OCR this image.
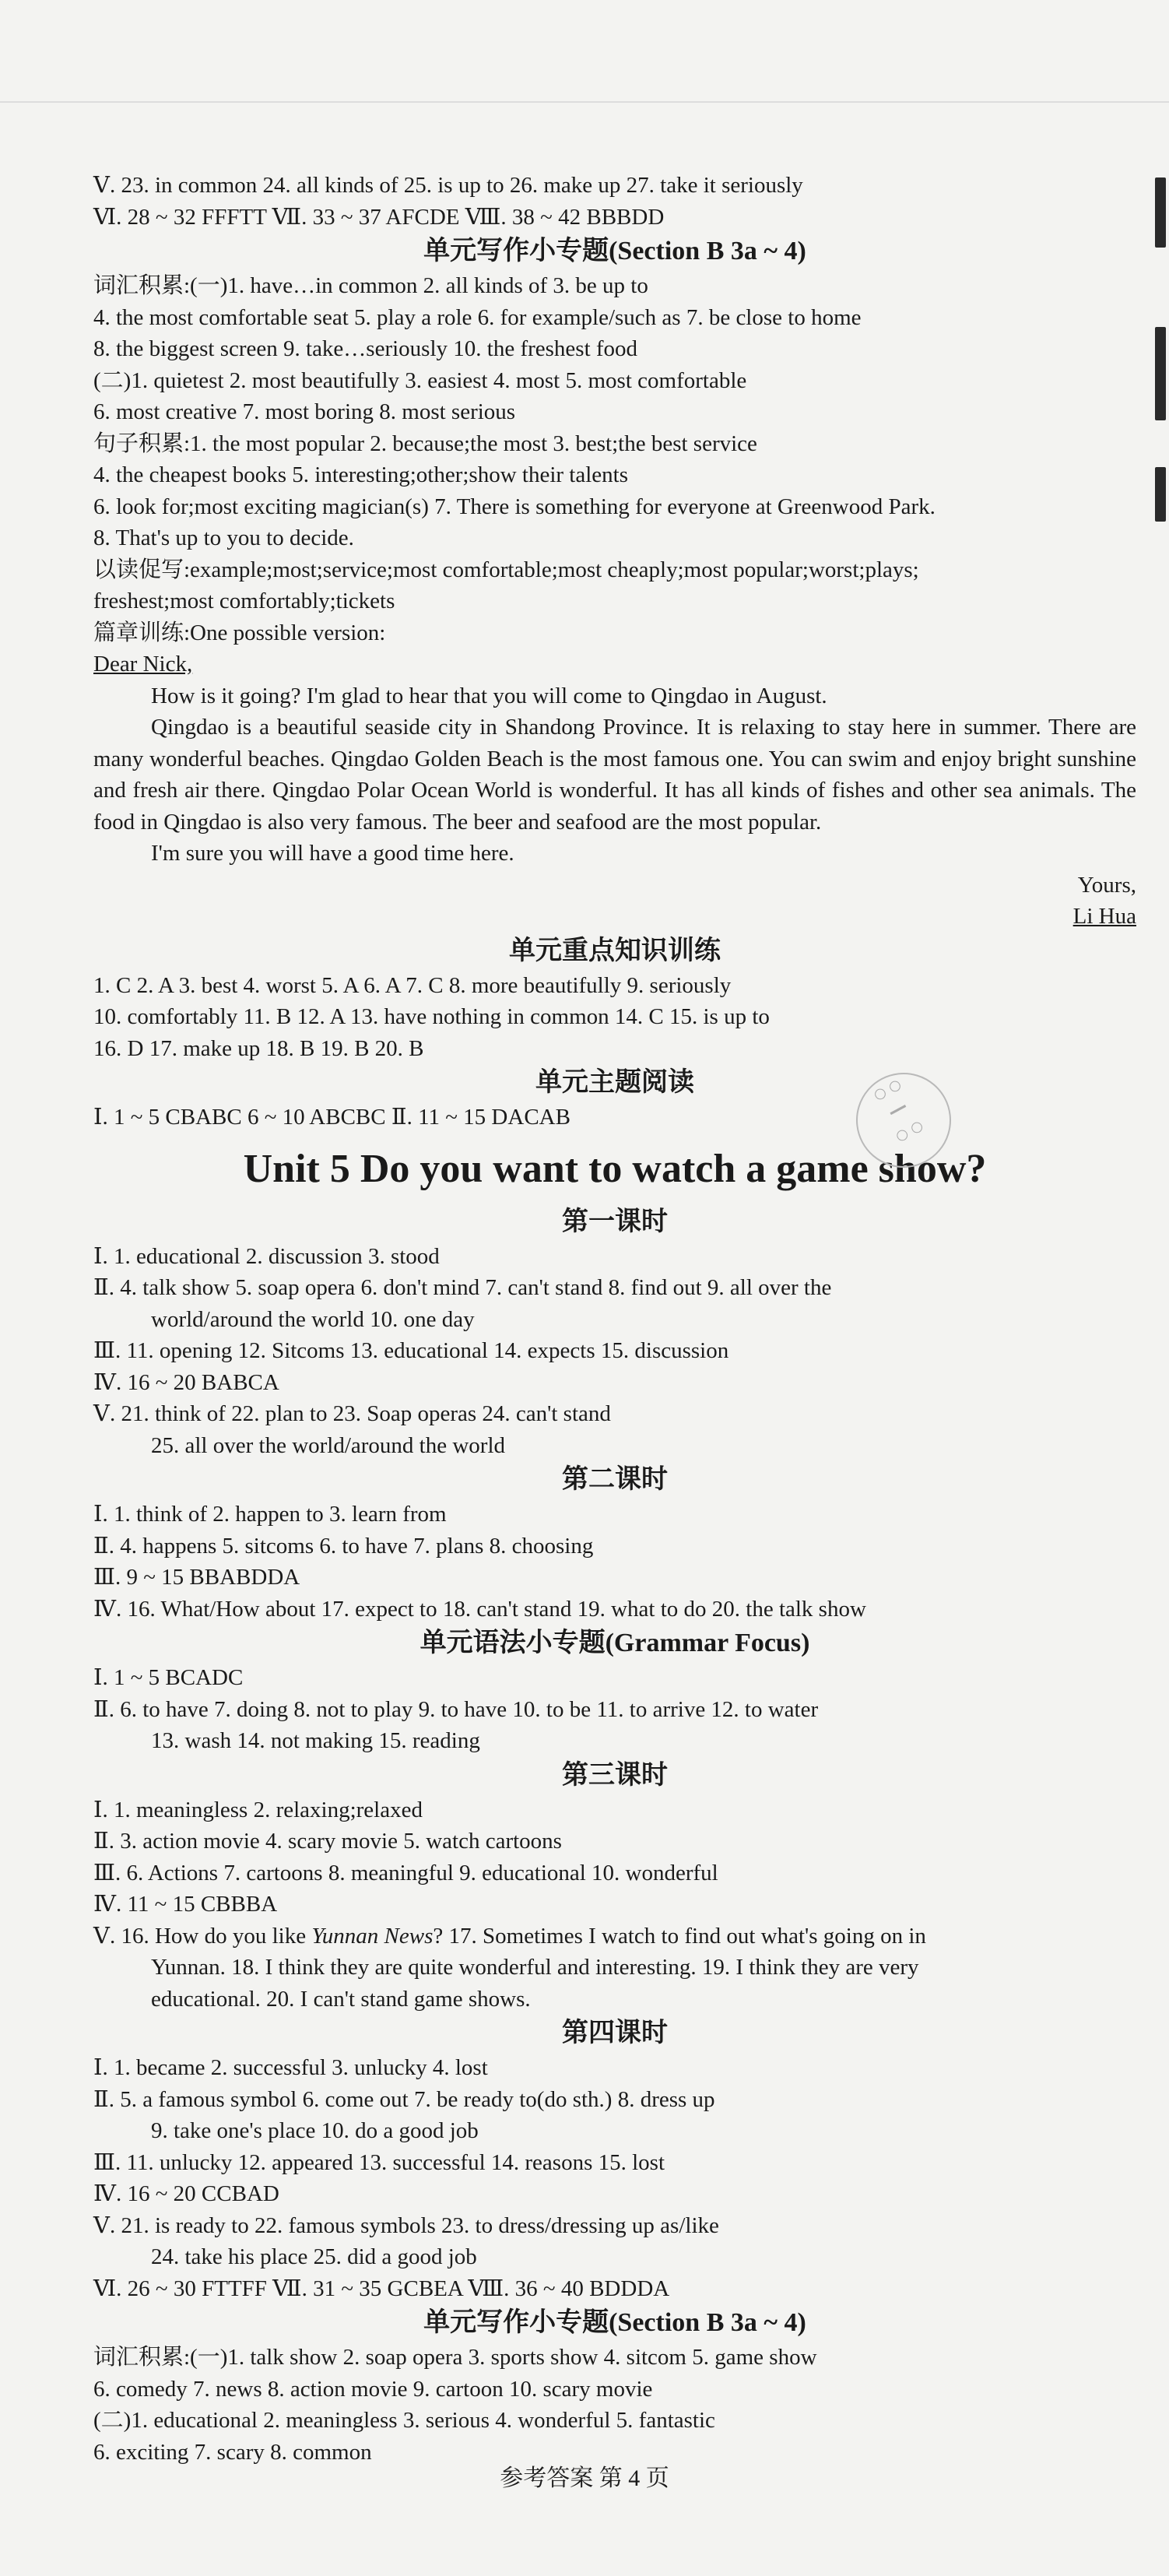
Ⅴ. 23. in common 24. all kinds of 25. is up to 26. make up 27. take it seriously
Ⅵ. 28 ~ 32 FFFTT Ⅶ. 33 ~ 37 AFCDE Ⅷ. 38 ~ 42 BBBDD
单元写作小专题(Section B 3a ~ 4)
词汇积累:(一)1. have…in common 2. all kinds of 3. be up to
4. the most comfortable seat 5. play a role 6. for example/such as 7. be close to home
8. the biggest screen 9. take…seriously 10. the freshest food
(二)1. quietest 2. most beautifully 3. easiest 4. most 5. most comfortable
6. most creative 7. most boring 8. most serious
句子积累:1. the most popular 2. because;the most 3. best;the best service
4. the cheapest books 5. interesting;other;show their talents
6. look for;most exciting magician(s) 7. There is something for everyone at Greenwood Park.
8. That's up to you to decide.
以读促写:example;most;service;most comfortable;most cheaply;most popular;worst;plays;
freshest;most comfortably;tickets
篇章训练:One possible version:
Dear Nick,
How is it going? I'm glad to hear that you will come to Qingdao in August.
Qingdao is a beautiful seaside city in Shandong Province. It is relaxing to stay here in summer. There are many wonderful beaches. Qingdao Golden Beach is the most famous one. You can swim and enjoy bright sunshine and fresh air there. Qingdao Polar Ocean World is wonderful. It has all kinds of fishes and other sea animals. The food in Qingdao is also very famous. The beer and seafood are the most popular.
I'm sure you will have a good time here.
Yours,
Li Hua
单元重点知识训练
1. C 2. A 3. best 4. worst 5. A 6. A 7. C 8. more beautifully 9. seriously
10. comfortably 11. B 12. A 13. have nothing in common 14. C 15. is up to
16. D 17. make up 18. B 19. B 20. B
单元主题阅读
Ⅰ. 1 ~ 5 CBABC 6 ~ 10 ABCBC Ⅱ. 11 ~ 15 DACAB
Unit 5 Do you want to watch a game show?
第一课时
Ⅰ. 1. educational 2. discussion 3. stood
Ⅱ. 4. talk show 5. soap opera 6. don't mind 7. can't stand 8. find out 9. all over the
world/around the world 10. one day
Ⅲ. 11. opening 12. Sitcoms 13. educational 14. expects 15. discussion
Ⅳ. 16 ~ 20 BABCA
Ⅴ. 21. think of 22. plan to 23. Soap operas 24. can't stand
25. all over the world/around the world
第二课时
Ⅰ. 1. think of 2. happen to 3. learn from
Ⅱ. 4. happens 5. sitcoms 6. to have 7. plans 8. choosing
Ⅲ. 9 ~ 15 BBABDDA
Ⅳ. 16. What/How about 17. expect to 18. can't stand 19. what to do 20. the talk show
单元语法小专题(Grammar Focus)
Ⅰ. 1 ~ 5 BCADC
Ⅱ. 6. to have 7. doing 8. not to play 9. to have 10. to be 11. to arrive 12. to water
13. wash 14. not making 15. reading
第三课时
Ⅰ. 1. meaningless 2. relaxing;relaxed
Ⅱ. 3. action movie 4. scary movie 5. watch cartoons
Ⅲ. 6. Actions 7. cartoons 8. meaningful 9. educational 10. wonderful
Ⅳ. 11 ~ 15 CBBBA
Ⅴ. 16. How do you like Yunnan News? 17. Sometimes I watch to find out what's going on in
Yunnan. 18. I think they are quite wonderful and interesting. 19. I think they are very
educational. 20. I can't stand game shows.
第四课时
Ⅰ. 1. became 2. successful 3. unlucky 4. lost
Ⅱ. 5. a famous symbol 6. come out 7. be ready to(do sth.) 8. dress up
9. take one's place 10. do a good job
Ⅲ. 11. unlucky 12. appeared 13. successful 14. reasons 15. lost
Ⅳ. 16 ~ 20 CCBAD
Ⅴ. 21. is ready to 22. famous symbols 23. to dress/dressing up as/like
24. take his place 25. did a good job
Ⅵ. 26 ~ 30 FTTFF Ⅶ. 31 ~ 35 GCBEA Ⅷ. 36 ~ 40 BDDDA
单元写作小专题(Section B 3a ~ 4)
词汇积累:(一)1. talk show 2. soap opera 3. sports show 4. sitcom 5. game show
6. comedy 7. news 8. action movie 9. cartoon 10. scary movie
(二)1. educational 2. meaningless 3. serious 4. wonderful 5. fantastic
6. exciting 7. scary 8. common
○ ○
━━
○ ○
参考答案 第 4 页
